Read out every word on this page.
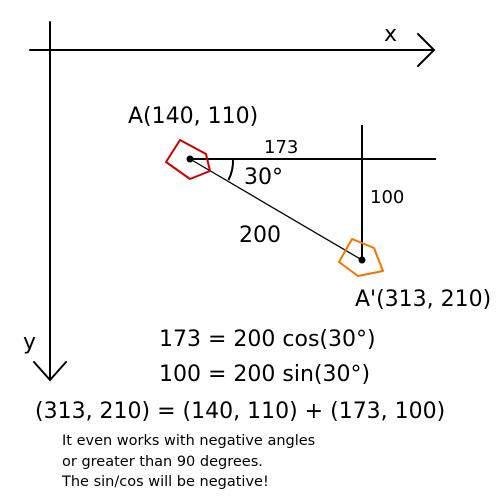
x
y
A(140, 110)
A'(313, 210)
173
100
200
30°
173 = 200 cos(30°)
100 = 200 sin(30°)
(313, 210) = (140, 110) + (173, 100)
It even works with negative angles
or greater than 90 degrees.
The sin/cos will be negative!
